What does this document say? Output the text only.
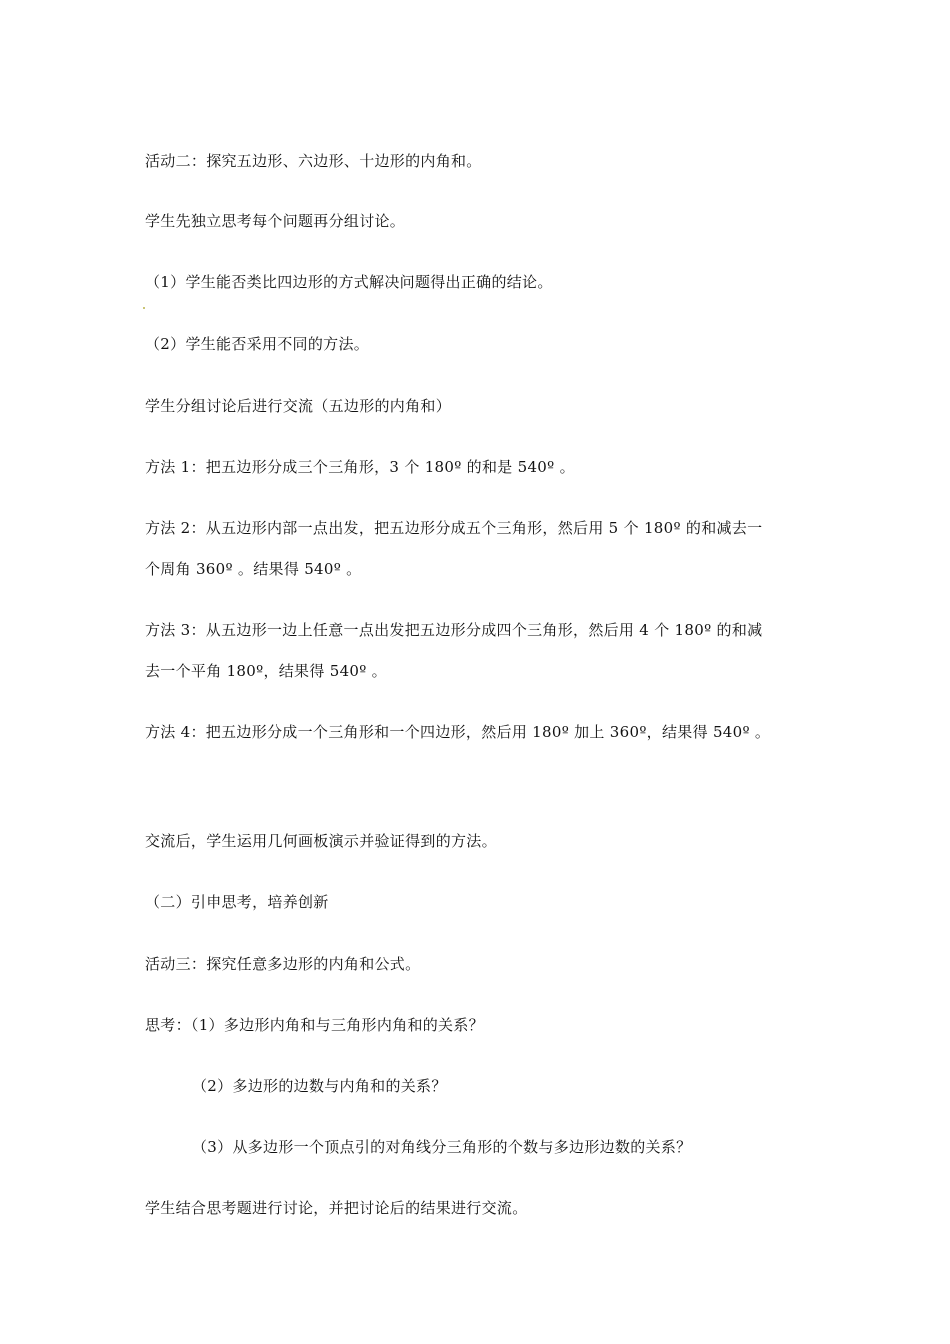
活动二：探究五边形、六边形、十边形的内角和。
学生先独立思考每个问题再分组讨论。
（1）学生能否类比四边形的方式解决问题得出正确的结论。
（2）学生能否采用不同的方法。
学生分组讨论后进行交流（五边形的内角和）
方法 1：把五边形分成三个三角形，3 个 180º 的和是 540º 。
方法 2：从五边形内部一点出发，把五边形分成五个三角形，然后用 5 个 180º 的和减去一
个周角 360º 。结果得 540º 。
方法 3：从五边形一边上任意一点出发把五边形分成四个三角形，然后用 4 个 180º 的和减
去一个平角 180º，结果得 540º 。
方法 4：把五边形分成一个三角形和一个四边形，然后用 180º 加上 360º，结果得 540º 。
交流后，学生运用几何画板演示并验证得到的方法。
（二）引申思考，培养创新
活动三：探究任意多边形的内角和公式。
思考：（1）多边形内角和与三角形内角和的关系？
（2）多边形的边数与内角和的关系？
（3）从多边形一个顶点引的对角线分三角形的个数与多边形边数的关系？
学生结合思考题进行讨论，并把讨论后的结果进行交流。
